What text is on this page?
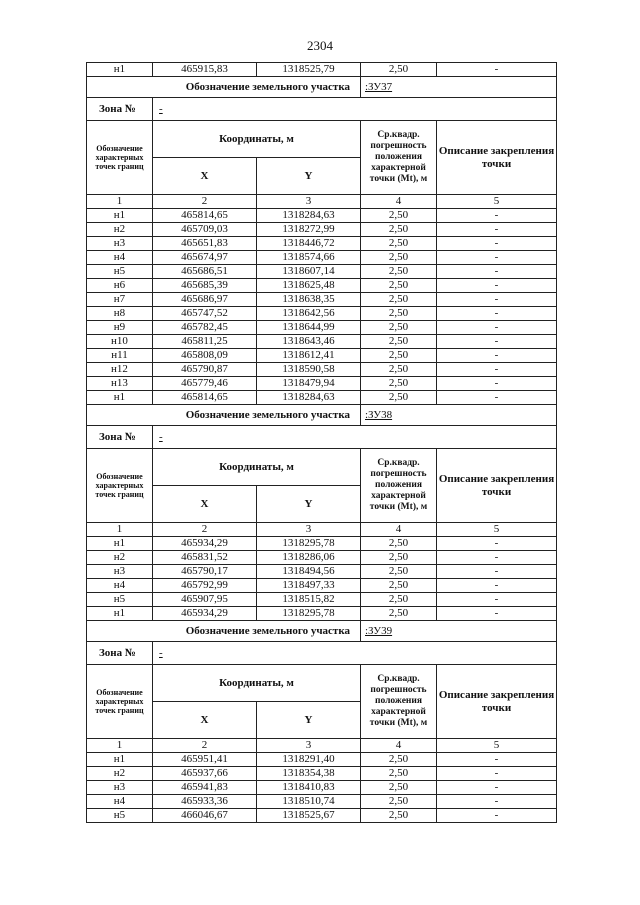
2304
н1	465915,83	1318525,79	2,50	-
Обозначение земельного участка			:ЗУ37	
Зона №	-			
Обозначение характерных точек границ	Координаты, м		Ср.квадр. погрешность положения характерной точки (Mt), м	Описание закрепления точки
	X	Y		
1	2	3	4	5
н1	465814,65	1318284,63	2,50	-
н2	465709,03	1318272,99	2,50	-
н3	465651,83	1318446,72	2,50	-
н4	465674,97	1318574,66	2,50	-
н5	465686,51	1318607,14	2,50	-
н6	465685,39	1318625,48	2,50	-
н7	465686,97	1318638,35	2,50	-
н8	465747,52	1318642,56	2,50	-
н9	465782,45	1318644,99	2,50	-
н10	465811,25	1318643,46	2,50	-
н11	465808,09	1318612,41	2,50	-
н12	465790,87	1318590,58	2,50	-
н13	465779,46	1318479,94	2,50	-
н1	465814,65	1318284,63	2,50	-
Обозначение земельного участка			:ЗУ38	
Зона №	-			
Обозначение характерных точек границ	Координаты, м		Ср.квадр. погрешность положения характерной точки (Mt), м	Описание закрепления точки
	X	Y		
1	2	3	4	5
н1	465934,29	1318295,78	2,50	-
н2	465831,52	1318286,06	2,50	-
н3	465790,17	1318494,56	2,50	-
н4	465792,99	1318497,33	2,50	-
н5	465907,95	1318515,82	2,50	-
н1	465934,29	1318295,78	2,50	-
Обозначение земельного участка			:ЗУ39	
Зона №	-			
Обозначение характерных точек границ	Координаты, м		Ср.квадр. погрешность положения характерной точки (Mt), м	Описание закрепления точки
	X	Y		
1	2	3	4	5
н1	465951,41	1318291,40	2,50	-
н2	465937,66	1318354,38	2,50	-
н3	465941,83	1318410,83	2,50	-
н4	465933,36	1318510,74	2,50	-
н5	466046,67	1318525,67	2,50	-
